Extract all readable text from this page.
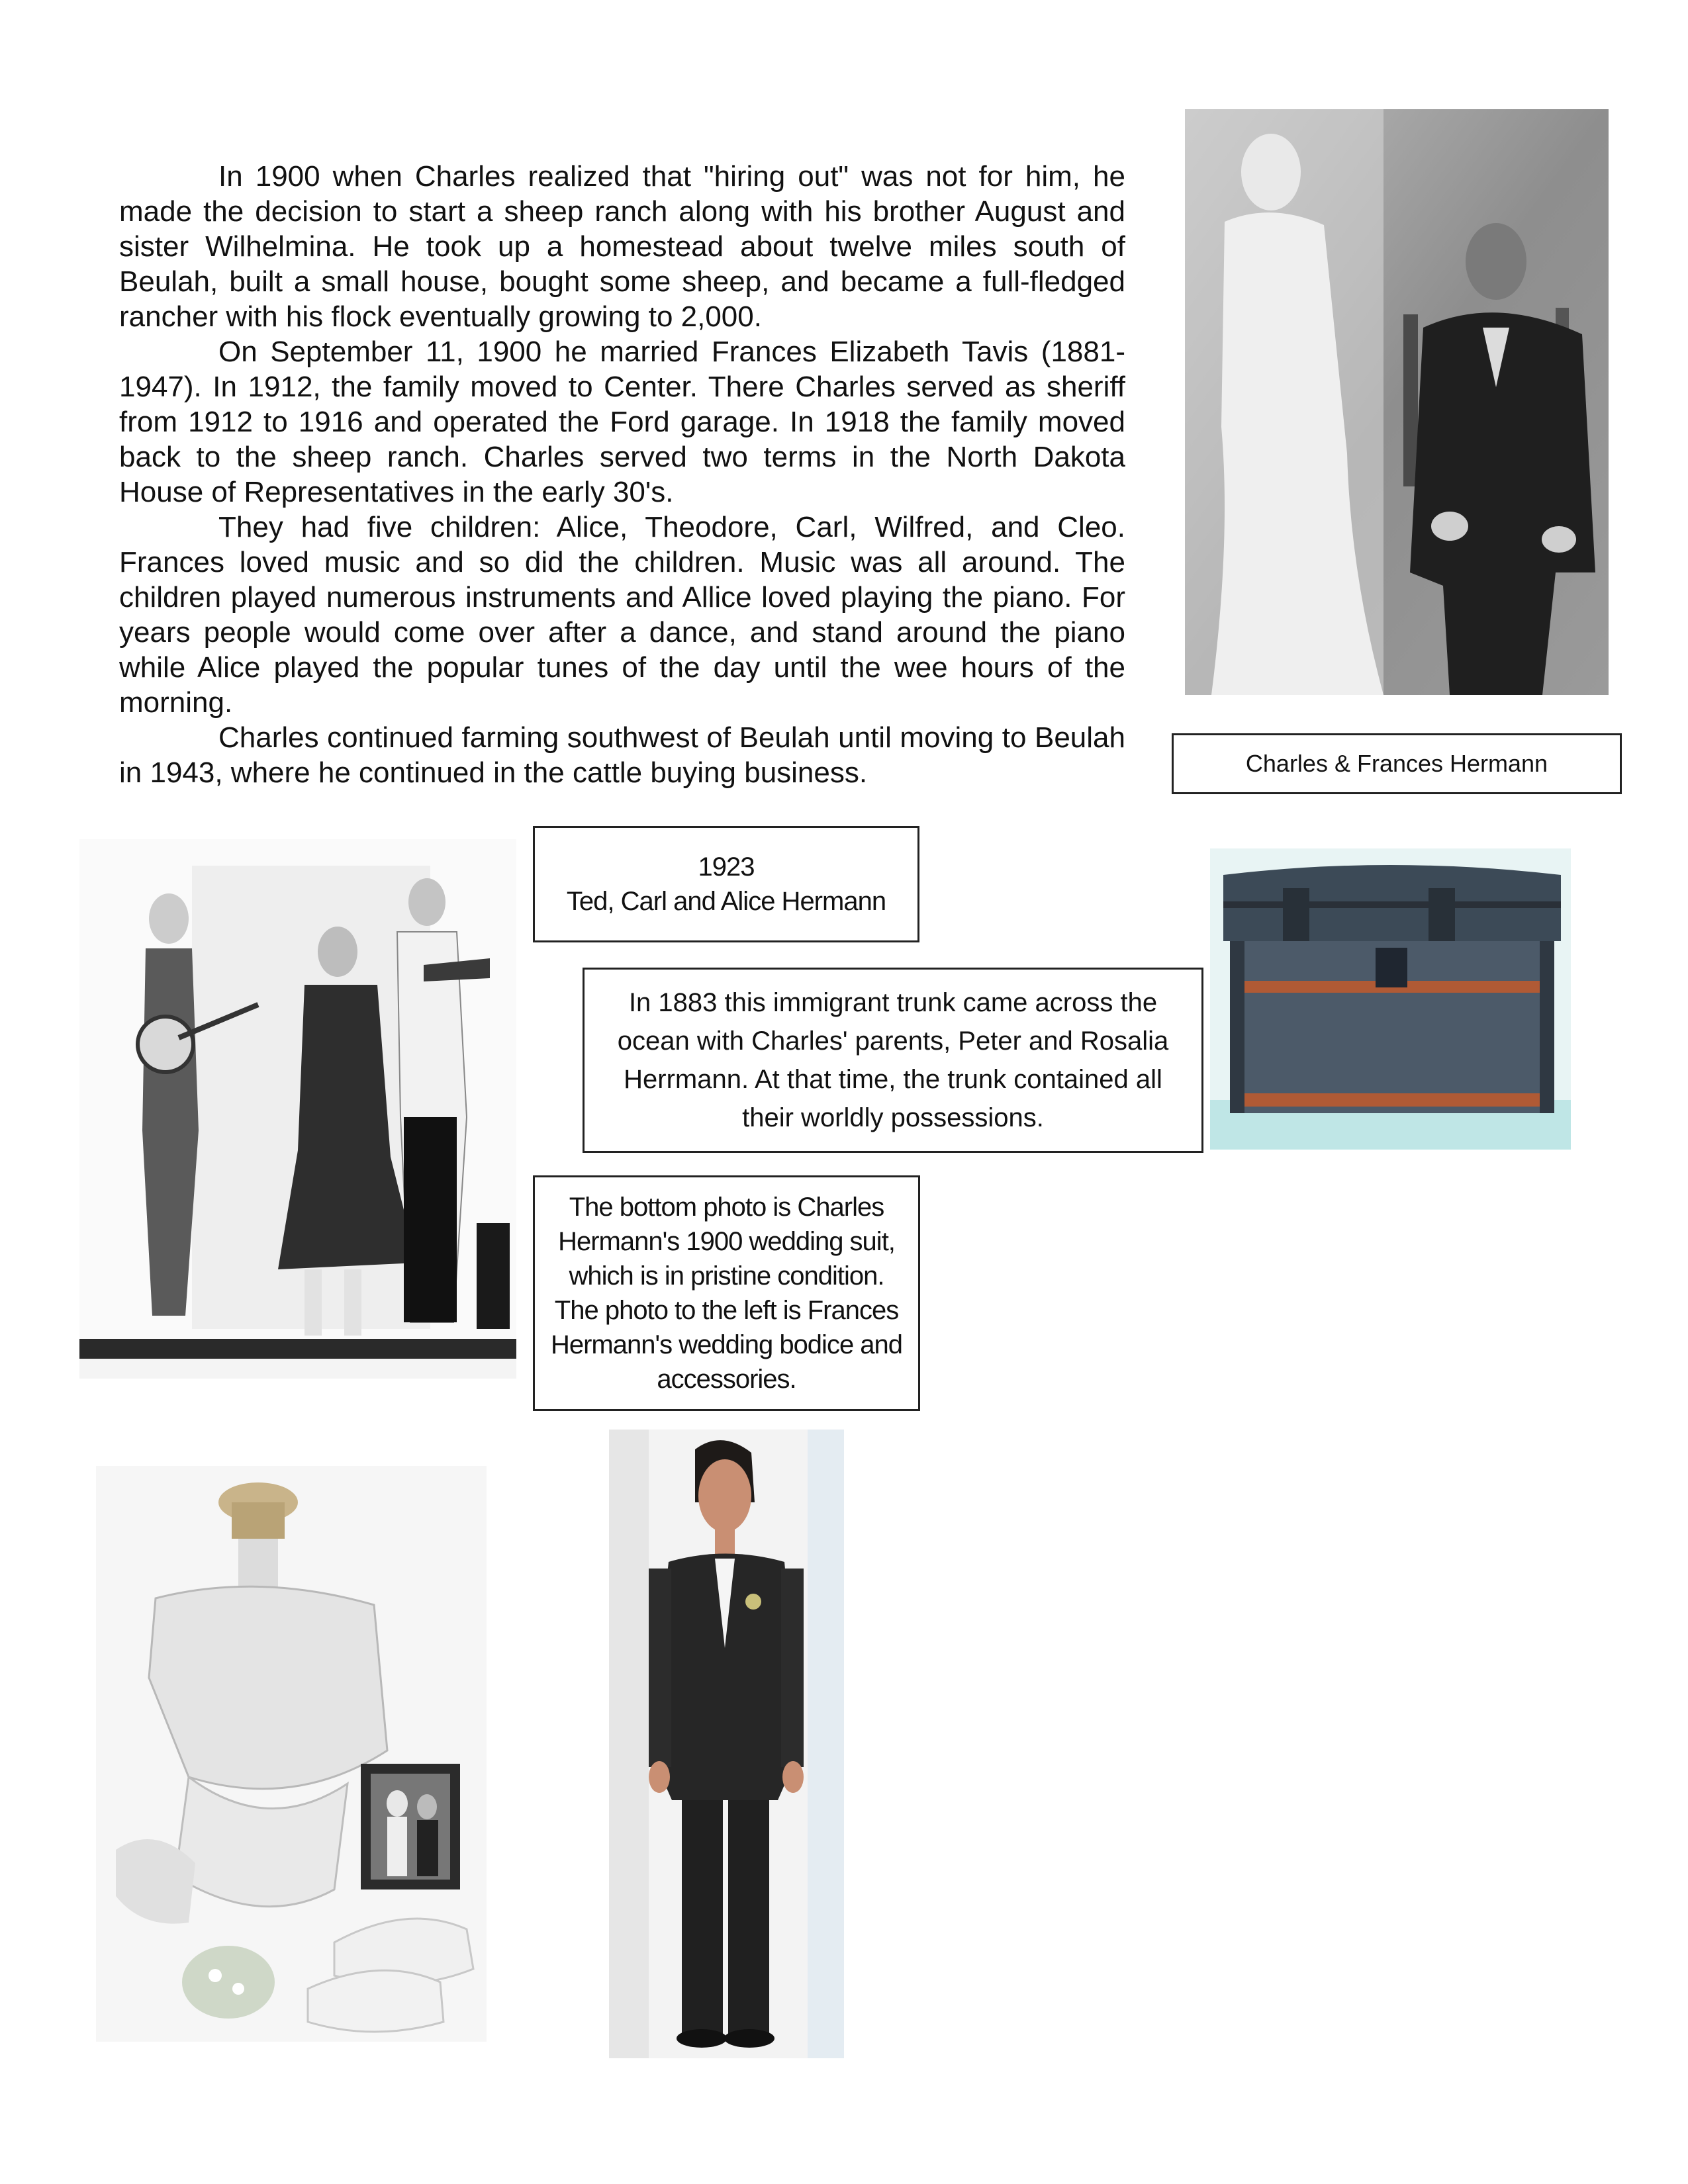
In 1900 when Charles realized that "hiring out" was not for him, he made the decision to start a sheep ranch along with his brother August and sister Wilhelmina. He took up a homestead about twelve miles south of Beulah, built a small house, bought some sheep, and became a full-fledged rancher with his flock eventually growing to 2,000.

On September 11, 1900 he married Frances Elizabeth Tavis (1881-1947). In 1912, the family moved to Center. There Charles served as sheriff from 1912 to 1916 and operated the Ford garage. In 1918 the family moved back to the sheep ranch. Charles served two terms in the North Dakota House of Representatives in the early 30's.

They had five children: Alice, Theodore, Carl, Wilfred, and Cleo. Frances loved music and so did the children. Music was all around. The children played numerous instruments and Allice loved playing the piano. For years people would come over after a dance, and stand around the piano while Alice played the popular tunes of the day until the wee hours of the morning.

Charles continued farming southwest of Beulah until moving to Beulah in 1943, where he continued in the cattle buying business.	Charles & Frances Hermann
1923
Ted, Carl and Alice Hermann
In 1883 this immigrant trunk came across the ocean with Charles' parents, Peter and Rosalia Herrmann. At that time, the trunk contained all their worldly possessions.
The bottom photo is Charles Hermann's 1900 wedding suit, which is in pristine condition. The photo to the left is Frances Hermann's wedding bodice and accessories.
